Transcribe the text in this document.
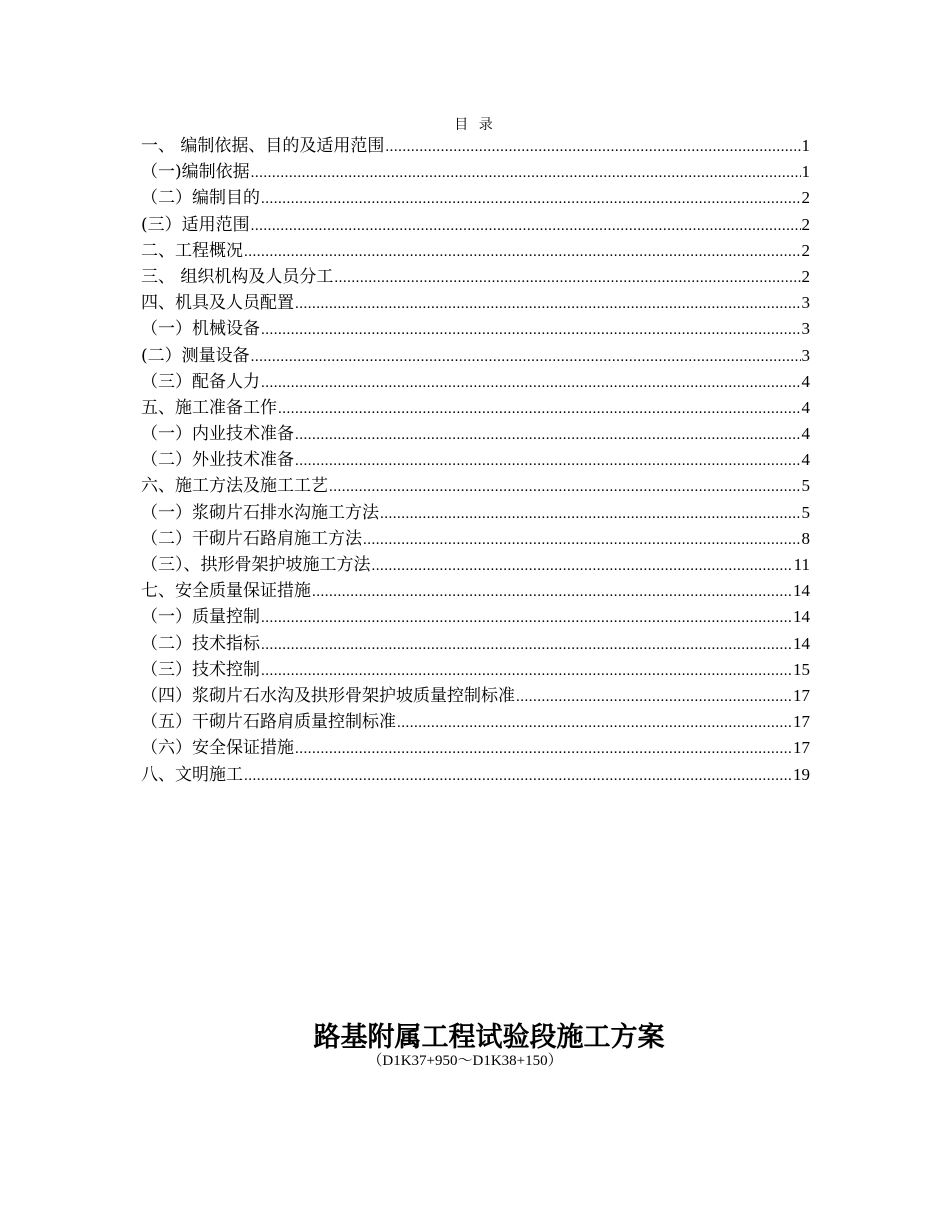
目 录
一、 编制依据、目的及适用范围 .....	1
（一)编制依据 .....	1
（二）编制目的 .....	2
(三）适用范围 .....	2
二、工程概况 .....	2
三、 组织机构及人员分工 .....	2
四、机具及人员配置 .....	3
（一）机械设备 .....	3
(二）测量设备 .....	3
（三）配备人力 .....	4
五、施工准备工作 .....	4
（一）内业技术准备 .....	4
（二）外业技术准备 .....	4
六、施工方法及施工工艺 .....	5
（一）浆砌片石排水沟施工方法 .....	5
（二）干砌片石路肩施工方法 .....	8
（三）、拱形骨架护坡施工方法 .....	11
七、安全质量保证措施 .....	14
（一）质量控制 .....	14
（二）技术指标 .....	14
（三）技术控制 .....	15
（四）浆砌片石水沟及拱形骨架护坡质量控制标准 .....	17
（五）干砌片石路肩质量控制标准 .....	17
（六）安全保证措施 .....	17
八、文明施工 .....	19
路基附属工程试验段施工方案
（D1K37+950～D1K38+150）
